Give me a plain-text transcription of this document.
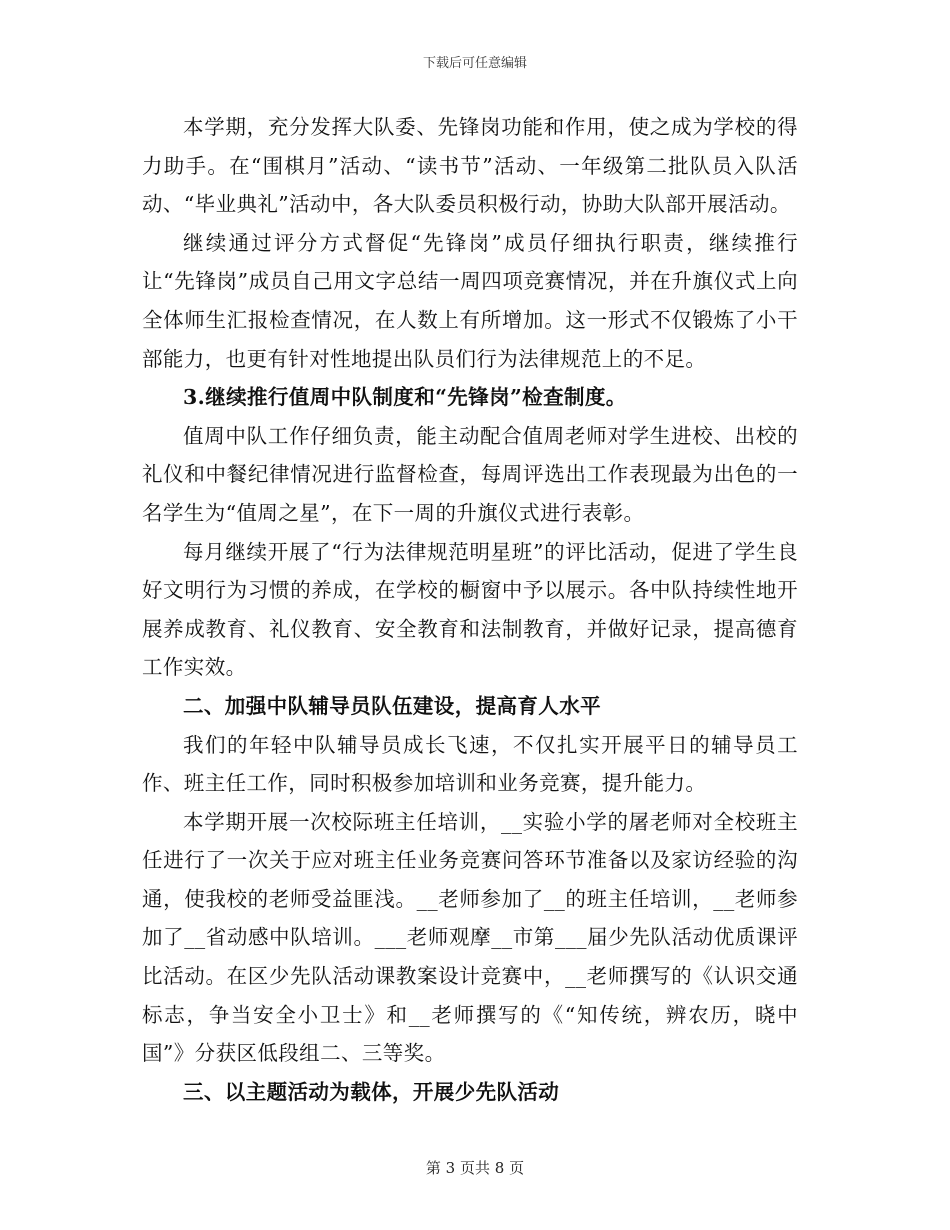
下载后可任意编辑

本学期，充分发挥大队委、先锋岗功能和作用，使之成为学校的得力助手。在“围棋月”活动、“读书节”活动、一年级第二批队员入队活动、“毕业典礼”活动中，各大队委员积极行动，协助大队部开展活动。

继续通过评分方式督促“先锋岗”成员仔细执行职责，继续推行让“先锋岗”成员自己用文字总结一周四项竞赛情况，并在升旗仪式上向全体师生汇报检查情况，在人数上有所增加。这一形式不仅锻炼了小干部能力，也更有针对性地提出队员们行为法律规范上的不足。

3.继续推行值周中队制度和“先锋岗”检查制度。

值周中队工作仔细负责，能主动配合值周老师对学生进校、出校的礼仪和中餐纪律情况进行监督检查，每周评选出工作表现最为出色的一名学生为“值周之星”，在下一周的升旗仪式进行表彰。

每月继续开展了“行为法律规范明星班”的评比活动，促进了学生良好文明行为习惯的养成，在学校的橱窗中予以展示。各中队持续性地开展养成教育、礼仪教育、安全教育和法制教育，并做好记录，提高德育工作实效。

二、加强中队辅导员队伍建设，提高育人水平

我们的年轻中队辅导员成长飞速，不仅扎实开展平日的辅导员工作、班主任工作，同时积极参加培训和业务竞赛，提升能力。

本学期开展一次校际班主任培训，__实验小学的屠老师对全校班主任进行了一次关于应对班主任业务竞赛问答环节准备以及家访经验的沟通，使我校的老师受益匪浅。__老师参加了__的班主任培训，__老师参加了__省动感中队培训。___老师观摩__市第___届少先队活动优质课评比活动。在区少先队活动课教案设计竞赛中，__老师撰写的《认识交通标志，争当安全小卫士》和__老师撰写的《“知传统，辨农历，晓中国”》分获区低段组二、三等奖。

三、以主题活动为载体，开展少先队活动

第 3 页共 8 页
